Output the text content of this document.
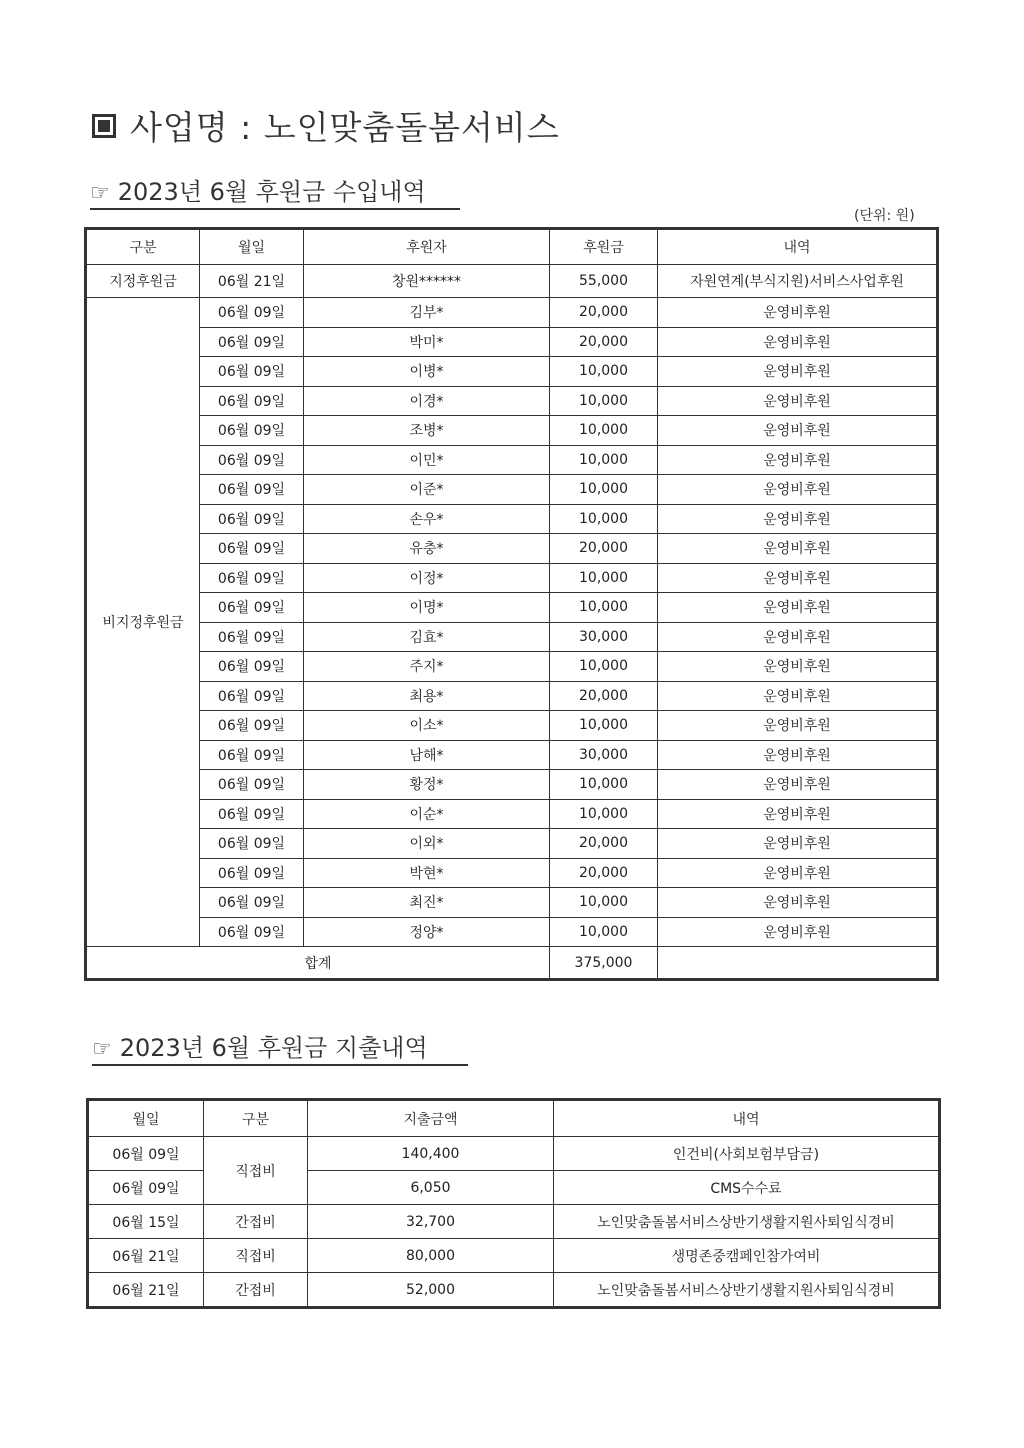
사업명 : 노인맞춤돌봄서비스
☞ 2023년 6월 후원금 수입내역
(단위: 원)
구분	월일	후원자	후원금	내역
지정후원금	06월 21일	창원******	55,000	자원연계(부식지원)서비스사업후원
비지정후원금	06월 09일	김부*	20,000	운영비후원
	06월 09일	박미*	20,000	운영비후원
	06월 09일	이병*	10,000	운영비후원
	06월 09일	이경*	10,000	운영비후원
	06월 09일	조병*	10,000	운영비후원
	06월 09일	이민*	10,000	운영비후원
	06월 09일	이준*	10,000	운영비후원
	06월 09일	손우*	10,000	운영비후원
	06월 09일	유충*	20,000	운영비후원
	06월 09일	이정*	10,000	운영비후원
	06월 09일	이명*	10,000	운영비후원
	06월 09일	김효*	30,000	운영비후원
	06월 09일	주지*	10,000	운영비후원
	06월 09일	최용*	20,000	운영비후원
	06월 09일	이소*	10,000	운영비후원
	06월 09일	남해*	30,000	운영비후원
	06월 09일	황정*	10,000	운영비후원
	06월 09일	이순*	10,000	운영비후원
	06월 09일	이외*	20,000	운영비후원
	06월 09일	박현*	20,000	운영비후원
	06월 09일	최진*	10,000	운영비후원
	06월 09일	정양*	10,000	운영비후원
합계			375,000	
☞ 2023년 6월 후원금 지출내역
월일	구분	지출금액	내역
06월 09일	직접비	140,400	인건비(사회보험부담금)
06월 09일		6,050	CMS수수료
06월 15일	간접비	32,700	노인맞춤돌봄서비스상반기생활지원사퇴임식경비
06월 21일	직접비	80,000	생명존중캠페인참가여비
06월 21일	간접비	52,000	노인맞춤돌봄서비스상반기생활지원사퇴임식경비
